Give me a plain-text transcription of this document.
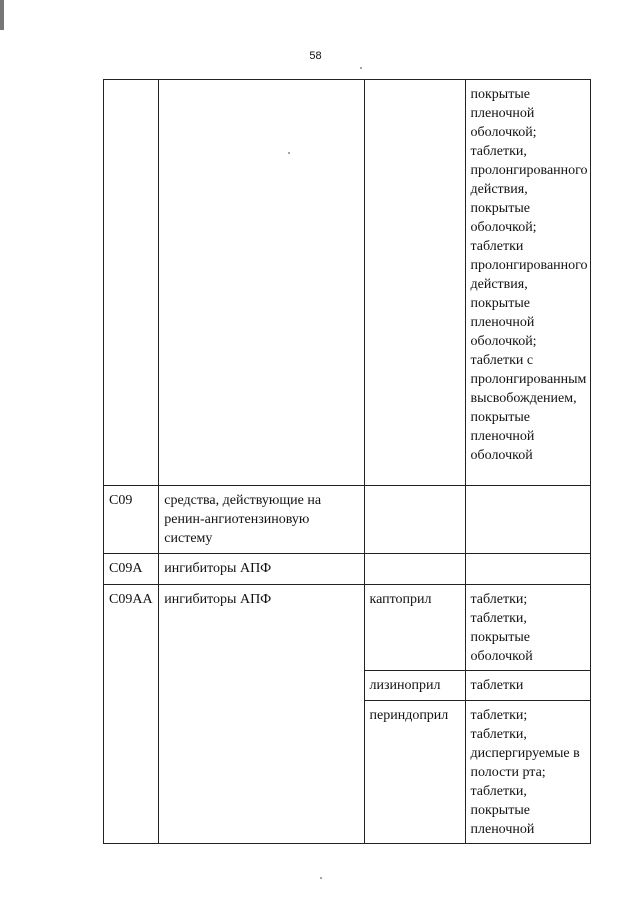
58
			покрытые пленочной оболочкой; таблетки, пролонгированного действия, покрытые оболочкой; таблетки пролонгированного действия, покрытые пленочной оболочкой; таблетки с пролонгированным высвобождением, покрытые пленочной оболочкой
C09	средства, действующие на ренин-ангиотензиновую систему		
C09A	ингибиторы АПФ		
C09AA	ингибиторы АПФ	каптоприл	таблетки; таблетки, покрытые оболочкой
		лизиноприл	таблетки
		периндоприл	таблетки; таблетки, диспергируемые в полости рта; таблетки, покрытые пленочной
